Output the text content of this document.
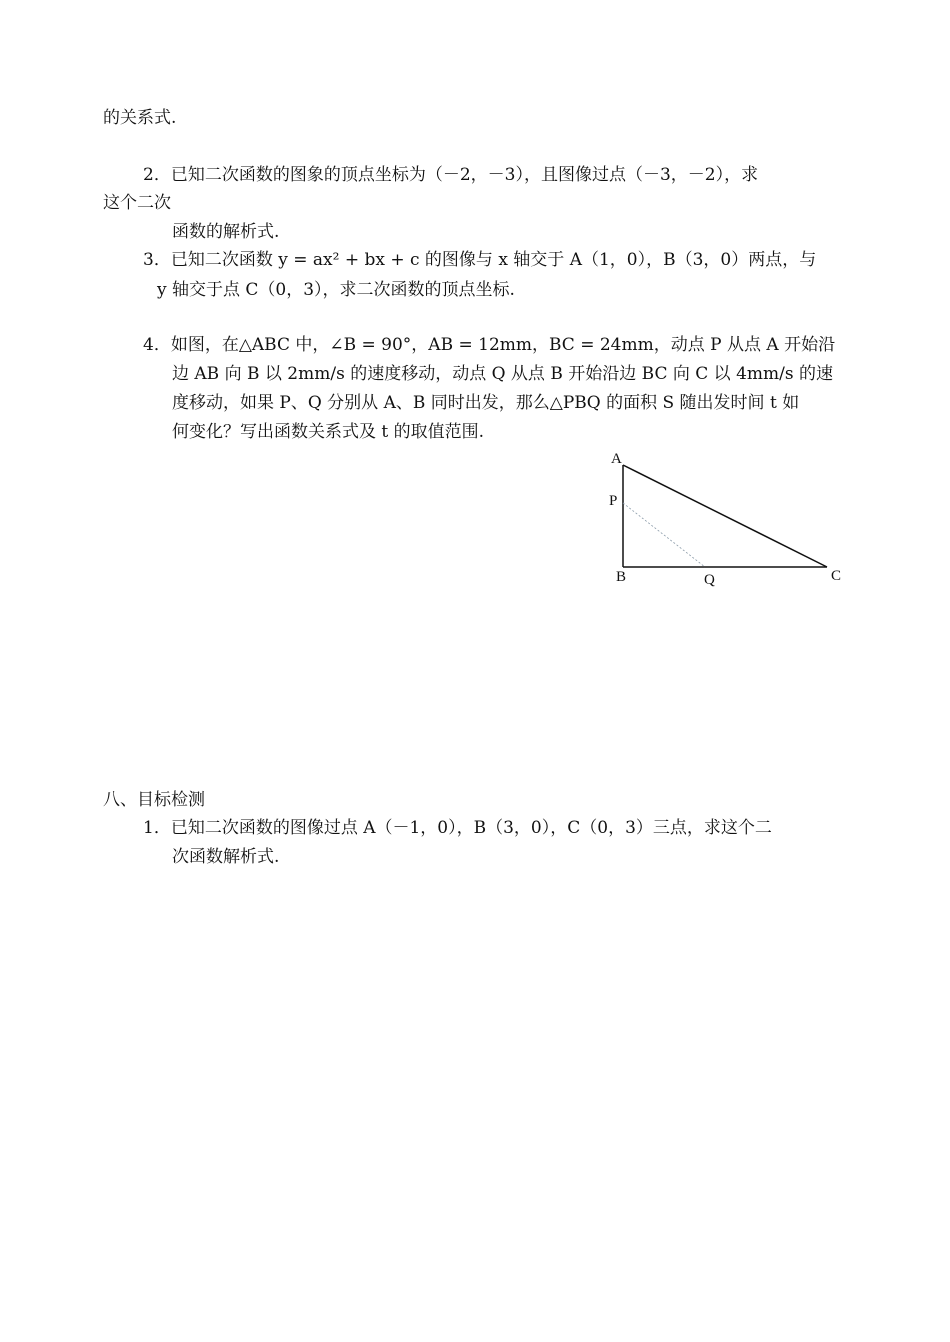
的关系式.
2．已知二次函数的图象的顶点坐标为（－2，－3），且图像过点（－3，－2），求
这个二次
函数的解析式.
3．已知二次函数 y = ax² + bx + c 的图像与 x 轴交于 A（1，0），B（3，0）两点，与
y 轴交于点 C（0，3），求二次函数的顶点坐标.
4．如图，在△ABC 中，∠B = 90°，AB = 12mm，BC = 24mm，动点 P 从点 A 开始沿
边 AB 向 B 以 2mm/s 的速度移动，动点 Q 从点 B 开始沿边 BC 向 C 以 4mm/s 的速
度移动，如果 P、Q 分别从 A、B 同时出发，那么△PBQ 的面积 S 随出发时间 t 如
何变化？写出函数关系式及 t 的取值范围.
A
P
B	Q	C
八、目标检测
1．已知二次函数的图像过点 A（－1，0），B（3，0），C（0，3）三点，求这个二
次函数解析式.
